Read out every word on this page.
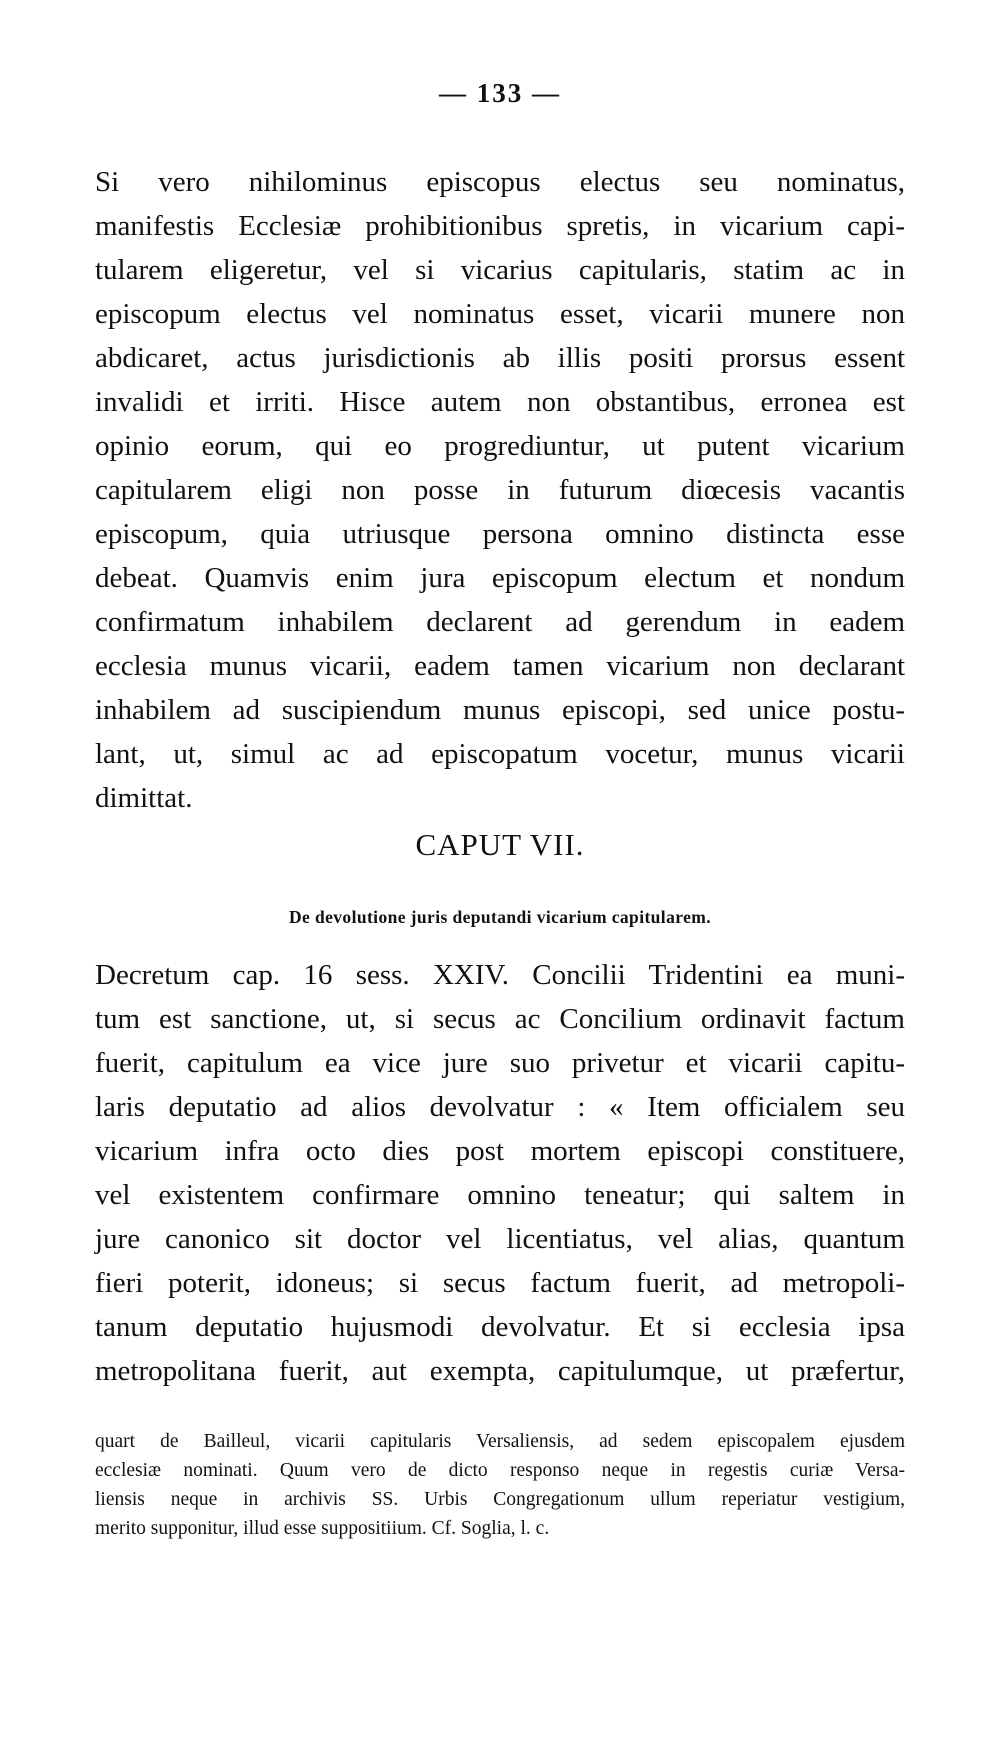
— 133 —
Si vero nihilominus episcopus electus seu nominatus,
manifestis Ecclesiæ prohibitionibus spretis, in vicarium capi-
tularem eligeretur, vel si vicarius capitularis, statim ac in
episcopum electus vel nominatus esset, vicarii munere non
abdicaret, actus jurisdictionis ab illis positi prorsus essent
invalidi et irriti. Hisce autem non obstantibus, erronea est
opinio eorum, qui eo progrediuntur, ut putent vicarium
capitularem eligi non posse in futurum diœcesis vacantis
episcopum, quia utriusque persona omnino distincta esse
debeat. Quamvis enim jura episcopum electum et nondum
confirmatum inhabilem declarent ad gerendum in eadem
ecclesia munus vicarii, eadem tamen vicarium non declarant
inhabilem ad suscipiendum munus episcopi, sed unice postu-
lant, ut, simul ac ad episcopatum vocetur, munus vicarii
dimittat.
CAPUT VII.
De devolutione juris deputandi vicarium capitularem.
Decretum cap. 16 sess. XXIV. Concilii Tridentini ea muni-
tum est sanctione, ut, si secus ac Concilium ordinavit factum
fuerit, capitulum ea vice jure suo privetur et vicarii capitu-
laris deputatio ad alios devolvatur : « Item officialem seu
vicarium infra octo dies post mortem episcopi constituere,
vel existentem confirmare omnino teneatur; qui saltem in
jure canonico sit doctor vel licentiatus, vel alias, quantum
fieri poterit, idoneus; si secus factum fuerit, ad metropoli-
tanum deputatio hujusmodi devolvatur. Et si ecclesia ipsa
metropolitana fuerit, aut exempta, capitulumque, ut præfertur,
quart de Bailleul, vicarii capitularis Versaliensis, ad sedem episcopalem ejusdem
ecclesiæ nominati. Quum vero de dicto responso neque in regestis curiæ Versa-
liensis neque in archivis SS. Urbis Congregationum ullum reperiatur vestigium,
merito supponitur, illud esse suppositiium. Cf. Soglia, l. c.
